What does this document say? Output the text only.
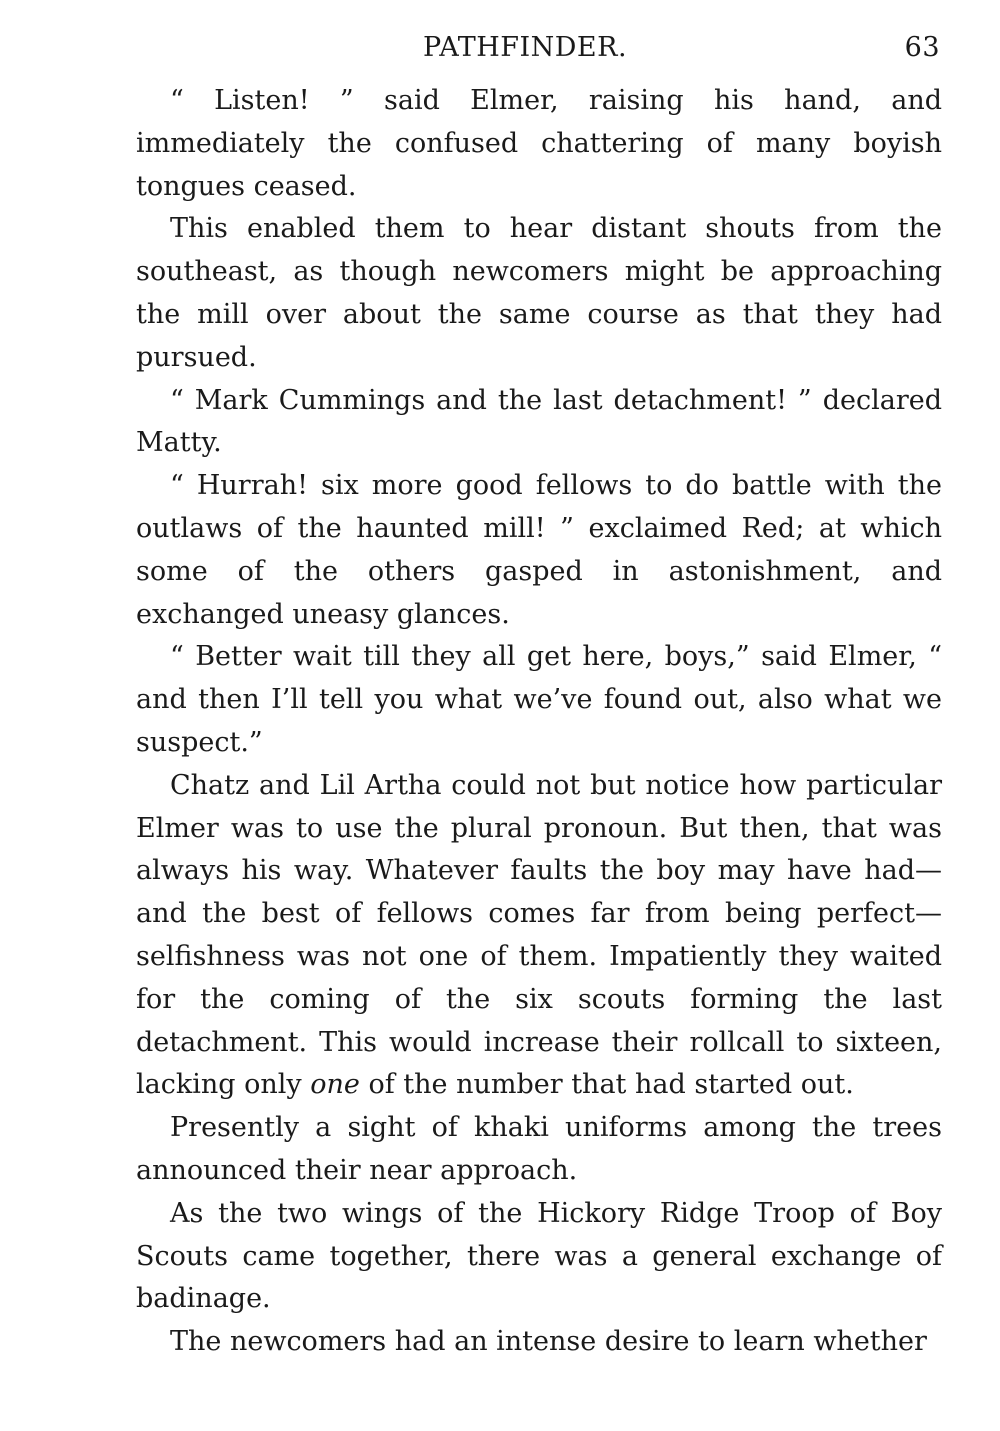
PATHFINDER.	63

“ Listen! ” said Elmer, raising his hand, and immediately the confused chattering of many boyish tongues ceased.

This enabled them to hear distant shouts from the southeast, as though newcomers might be approaching the mill over about the same course as that they had pursued.

“ Mark Cummings and the last detachment! ” declared Matty.

“ Hurrah! six more good fellows to do battle with the outlaws of the haunted mill! ” exclaimed Red; at which some of the others gasped in astonishment, and exchanged uneasy glances.

“ Better wait till they all get here, boys,” said Elmer, “ and then I’ll tell you what we’ve found out, also what we suspect.”

Chatz and Lil Artha could not but notice how particular Elmer was to use the plural pronoun. But then, that was always his way. Whatever faults the boy may have had—and the best of fellows comes far from being perfect—selfishness was not one of them. Impatiently they waited for the coming of the six scouts forming the last detachment. This would increase their rollcall to sixteen, lacking only one of the number that had started out.

Presently a sight of khaki uniforms among the trees announced their near approach.

As the two wings of the Hickory Ridge Troop of Boy Scouts came together, there was a general exchange of badinage.

The newcomers had an intense desire to learn whether
